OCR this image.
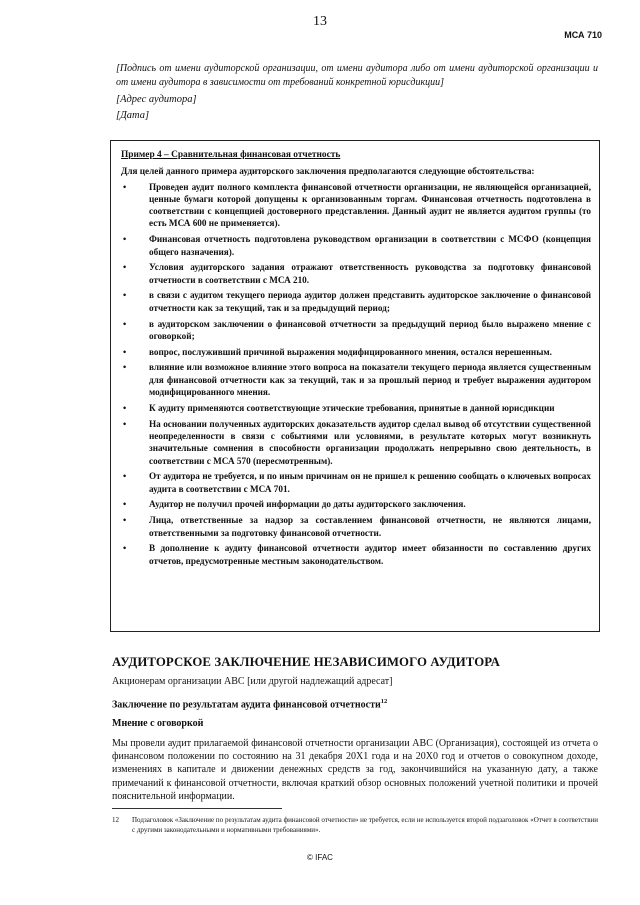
13
МСА 710
[Подпись от имени аудиторской организации, от имени аудитора либо от имени аудиторской организации и от имени аудитора в зависимости от требований конкретной юрисдикции]
[Адрес аудитора]
[Дата]
Пример 4 – Сравнительная финансовая отчетность
Для целей данного примера аудиторского заключения предполагаются следующие обстоятельства:
• Проведен аудит полного комплекта финансовой отчетности организации, не являющейся организацией, ценные бумаги которой допущены к организованным торгам. Финансовая отчетность подготовлена в соответствии с концепцией достоверного представления. Данный аудит не является аудитом группы (то есть МСА 600 не применяется).
• Финансовая отчетность подготовлена руководством организации в соответствии с МСФО (концепция общего назначения).
• Условия аудиторского задания отражают ответственность руководства за подготовку финансовой отчетности в соответствии с МСА 210.
• в связи с аудитом текущего периода аудитор должен представить аудиторское заключение о финансовой отчетности как за текущий, так и за предыдущий период;
• в аудиторском заключении о финансовой отчетности за предыдущий период было выражено мнение с оговоркой;
• вопрос, послуживший причиной выражения модифицированного мнения, остался нерешенным.
• влияние или возможное влияние этого вопроса на показатели текущего периода является существенным для финансовой отчетности как за текущий, так и за прошлый период и требует выражения аудитором модифицированного мнения.
• К аудиту применяются соответствующие этические требования, принятые в данной юрисдикции
• На основании полученных аудиторских доказательств аудитор сделал вывод об отсутствии существенной неопределенности в связи с событиями или условиями, в результате которых могут возникнуть значительные сомнения в способности организации продолжать непрерывно свою деятельность, в соответствии с МСА 570 (пересмотренным).
• От аудитора не требуется, и по иным причинам он не пришел к решению сообщать о ключевых вопросах аудита в соответствии с МСА 701.
• Аудитор не получил прочей информации до даты аудиторского заключения.
• Лица, ответственные за надзор за составлением финансовой отчетности, не являются лицами, ответственными за подготовку финансовой отчетности.
• В дополнение к аудиту финансовой отчетности аудитор имеет обязанности по составлению других отчетов, предусмотренные местным законодательством.
АУДИТОРСКОЕ ЗАКЛЮЧЕНИЕ НЕЗАВИСИМОГО АУДИТОРА
Акционерам организации АВС [или другой надлежащий адресат]
Заключение по результатам аудита финансовой отчетности$^{12}$
Мнение с оговоркой
Мы провели аудит прилагаемой финансовой отчетности организации АВС (Организация), состоящей из отчета о финансовом положении по состоянию на 31 декабря 20X1 года и на 20X0 год и отчетов о совокупном доходе, изменениях в капитале и движении денежных средств за год, закончившийся на указанную дату, а также примечаний к финансовой отчетности, включая краткий обзор основных положений учетной политики и прочей пояснительной информации.
12 Подзаголовок «Заключение по результатам аудита финансовой отчетности» не требуется, если не используется второй подзаголовок «Отчет в соответствии с другими законодательными и нормативными требованиями».
© IFAC
